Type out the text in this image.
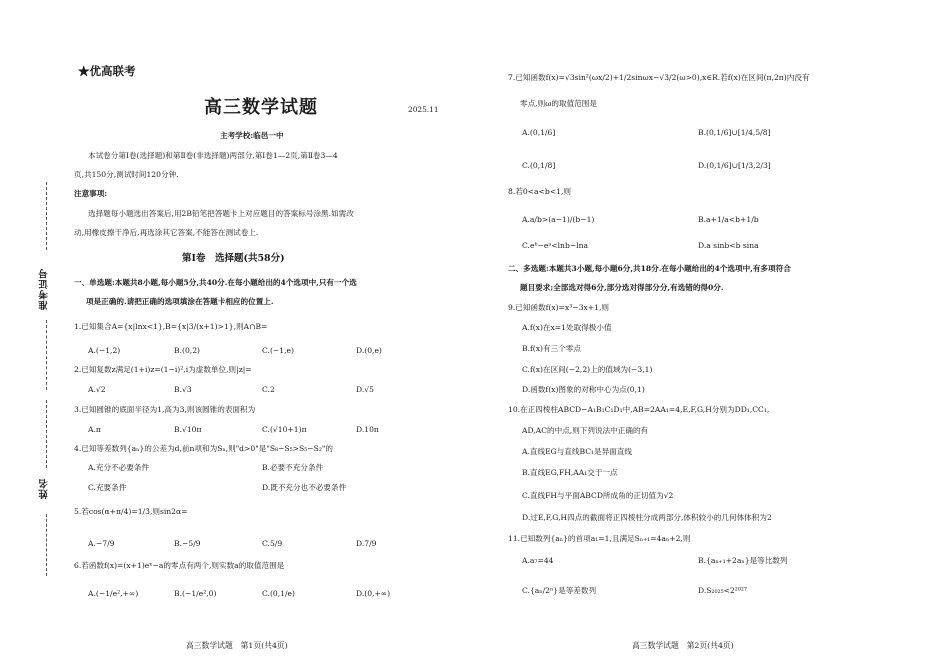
准考证号
姓名
★优高联考
高三数学试题	2025.11
主考学校:临邑一中
本试卷分第Ⅰ卷(选择题)和第Ⅱ卷(非选择题)两部分,第Ⅰ卷1—2页,第Ⅱ卷3—4
页,共150分,测试时间120分钟.
注意事项:
选择题每小题选出答案后,用2B铅笔把答题卡上对应题目的答案标号涂黑.如需改
动,用橡皮擦干净后,再选涂其它答案,不能答在测试卷上.
第Ⅰ卷　选择题(共58分)
一、单选题:本题共8小题,每小题5分,共40分.在每小题给出的4个选项中,只有一个选
项是正确的.请把正确的选项填涂在答题卡相应的位置上.
1.已知集合A={x|lnx<1},B={x|3/(x+1)>1},则A∩B=
A.(−1,2)	B.(0,2)	C.(−1,e)	D.(0,e)
2.已知复数z满足(1+i)z=(1−i)²,i为虚数单位,则|z|=
A.√2	B.√3	C.2	D.√5
3.已知圆锥的底面半径为1,高为3,则该圆锥的表面积为
A.π	B.√10π	C.(√10+1)π	D.10π
4.已知等差数列{aₙ}的公差为d,前n项和为Sₙ,则"d>0"是"S₈−S₅>S₅−S₂"的
A.充分不必要条件	B.必要不充分条件
C.充要条件	D.既不充分也不必要条件
5.若cos(α+π/4)=1/3,则sin2α=
A.−7/9	B.−5/9	C.5/9	D.7/9
6.若函数f(x)=(x+1)eˣ−a的零点有两个,则实数a的取值范围是
A.(−1/e²,+∞)	B.(−1/e²,0)	C.(0,1/e)	D.(0,+∞)
高三数学试题　第1页(共4页)
7.已知函数f(x)=√3sin²(ωx/2)+1/2sinωx−√3/2(ω>0),x∈R.若f(x)在区间(π,2π)内没有
零点,则ω的取值范围是
A.(0,1/6]	B.(0,1/6]∪[1/4,5/8]
C.(0,1/8]	D.(0,1/6]∪[1/3,2/3]
8.若0<a<b<1,则
A.a/b>(a−1)/(b−1)	B.a+1/a<b+1/b
C.eᵇ−eᵃ<lnb−lna	D.a sinb<b sina
二、多选题:本题共3小题,每小题6分,共18分.在每小题给出的4个选项中,有多项符合
题目要求;全部选对得6分,部分选对得部分分,有选错的得0分.
9.已知函数f(x)=x³−3x+1,则
A.f(x)在x=1处取得极小值
B.f(x)有三个零点
C.f(x)在区间(−2,2)上的值域为(−3,1)
D.函数f(x)图象的对称中心为点(0,1)
10.在正四棱柱ABCD−A₁B₁C₁D₁中,AB=2AA₁=4,E,F,G,H分别为DD₁,CC₁,
AD,AC的中点,则下列说法中正确的有
A.直线EG与直线BC₁是异面直线
B.直线EG,FH,AA₁交于一点
C.直线FH与平面ABCD所成角的正切值为√2
D.过E,F,G,H四点的截面将正四棱柱分成两部分,体积较小的几何体体积为2
11.已知数列{aₙ}的首项a₁=1,且满足Sₙ₊₁=4aₙ+2,则
A.a₇=44	B.{aₙ₊₁+2aₙ}是等比数列
C.{aₙ/2ⁿ}是等差数列	D.S₂₀₂₅<2²⁰²⁷
高三数学试题　第2页(共4页)
